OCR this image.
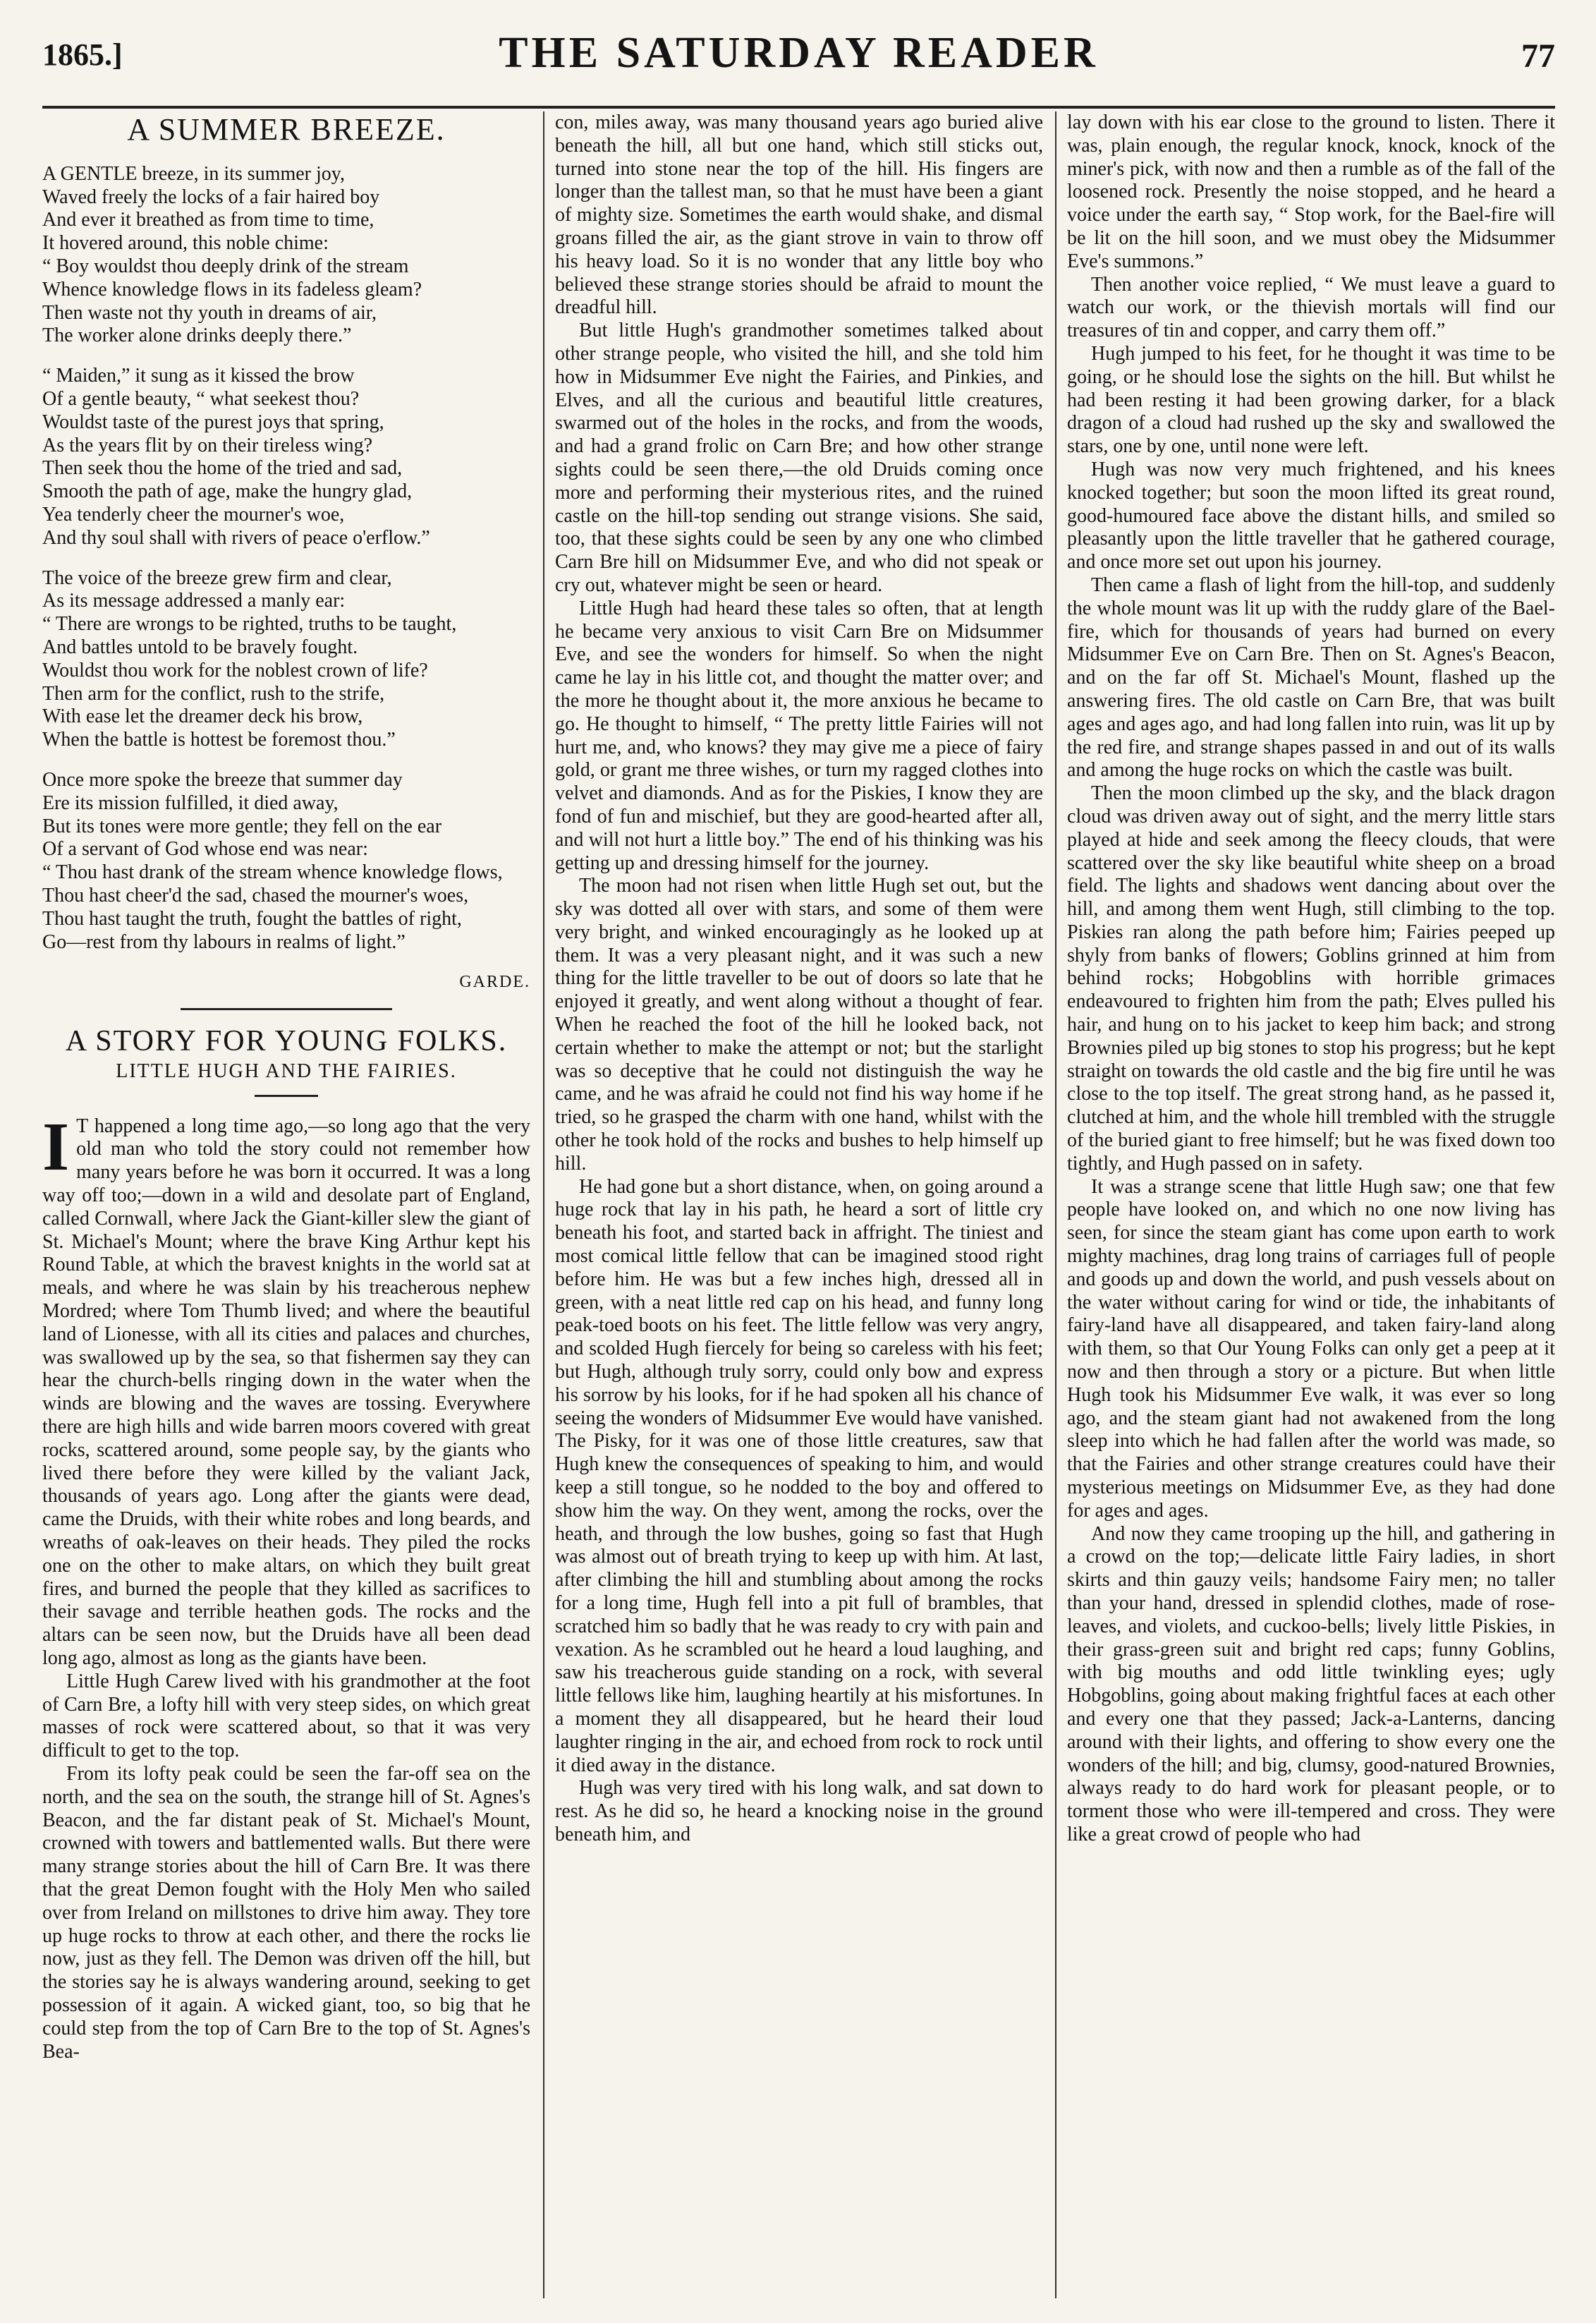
1865.]	THE SATURDAY READER	77
A SUMMER BREEZE.
A GENTLE breeze, in its summer joy,
Waved freely the locks of a fair haired boy
And ever it breathed as from time to time,
It hovered around, this noble chime:
“ Boy wouldst thou deeply drink of the stream
Whence knowledge flows in its fadeless gleam?
Then waste not thy youth in dreams of air,
The worker alone drinks deeply there.”
“ Maiden,” it sung as it kissed the brow
Of a gentle beauty, “ what seekest thou?
Wouldst taste of the purest joys that spring,
As the years flit by on their tireless wing?
Then seek thou the home of the tried and sad,
Smooth the path of age, make the hungry glad,
Yea tenderly cheer the mourner's woe,
And thy soul shall with rivers of peace o'erflow.”
The voice of the breeze grew firm and clear,
As its message addressed a manly ear:
“ There are wrongs to be righted, truths to be taught,
And battles untold to be bravely fought.
Wouldst thou work for the noblest crown of life?
Then arm for the conflict, rush to the strife,
With ease let the dreamer deck his brow,
When the battle is hottest be foremost thou.”
Once more spoke the breeze that summer day
Ere its mission fulfilled, it died away,
But its tones were more gentle; they fell on the ear
Of a servant of God whose end was near:
“ Thou hast drank of the stream whence knowledge flows,
Thou hast cheer'd the sad, chased the mourner's woes,
Thou hast taught the truth, fought the battles of right,
Go—rest from thy labours in realms of light.”
GARDE.
A STORY FOR YOUNG FOLKS.
LITTLE HUGH AND THE FAIRIES.

I T happened a long time ago,—so long ago that the very old man who told the story could not remember how many years before he was born it occurred. It was a long way off too;—down in a wild and desolate part of England, called Cornwall, where Jack the Giant-killer slew the giant of St. Michael's Mount; where the brave King Arthur kept his Round Table, at which the bravest knights in the world sat at meals, and where he was slain by his treacherous nephew Mordred; where Tom Thumb lived; and where the beautiful land of Lionesse, with all its cities and palaces and churches, was swallowed up by the sea, so that fishermen say they can hear the church-bells ringing down in the water when the winds are blowing and the waves are tossing. Everywhere there are high hills and wide barren moors covered with great rocks, scattered around, some people say, by the giants who lived there before they were killed by the valiant Jack, thousands of years ago. Long after the giants were dead, came the Druids, with their white robes and long beards, and wreaths of oak-leaves on their heads. They piled the rocks one on the other to make altars, on which they built great fires, and burned the people that they killed as sacrifices to their savage and terrible heathen gods. The rocks and the altars can be seen now, but the Druids have all been dead long ago, almost as long as the giants have been.

Little Hugh Carew lived with his grandmother at the foot of Carn Bre, a lofty hill with very steep sides, on which great masses of rock were scattered about, so that it was very difficult to get to the top.

From its lofty peak could be seen the far-off sea on the north, and the sea on the south, the strange hill of St. Agnes's Beacon, and the far distant peak of St. Michael's Mount, crowned with towers and battlemented walls. But there were many strange stories about the hill of Carn Bre. It was there that the great Demon fought with the Holy Men who sailed over from Ireland on millstones to drive him away. They tore up huge rocks to throw at each other, and there the rocks lie now, just as they fell. The Demon was driven off the hill, but the stories say he is always wandering around, seeking to get possession of it again. A wicked giant, too, so big that he could step from the top of Carn Bre to the top of St. Agnes's Bea-

con, miles away, was many thousand years ago buried alive beneath the hill, all but one hand, which still sticks out, turned into stone near the top of the hill. His fingers are longer than the tallest man, so that he must have been a giant of mighty size. Sometimes the earth would shake, and dismal groans filled the air, as the giant strove in vain to throw off his heavy load. So it is no wonder that any little boy who believed these strange stories should be afraid to mount the dreadful hill.

But little Hugh's grandmother sometimes talked about other strange people, who visited the hill, and she told him how in Midsummer Eve night the Fairies, and Pinkies, and Elves, and all the curious and beautiful little creatures, swarmed out of the holes in the rocks, and from the woods, and had a grand frolic on Carn Bre; and how other strange sights could be seen there,—the old Druids coming once more and performing their mysterious rites, and the ruined castle on the hill-top sending out strange visions. She said, too, that these sights could be seen by any one who climbed Carn Bre hill on Midsummer Eve, and who did not speak or cry out, whatever might be seen or heard.

Little Hugh had heard these tales so often, that at length he became very anxious to visit Carn Bre on Midsummer Eve, and see the wonders for himself. So when the night came he lay in his little cot, and thought the matter over; and the more he thought about it, the more anxious he became to go. He thought to himself, “ The pretty little Fairies will not hurt me, and, who knows? they may give me a piece of fairy gold, or grant me three wishes, or turn my ragged clothes into velvet and diamonds. And as for the Piskies, I know they are fond of fun and mischief, but they are good-hearted after all, and will not hurt a little boy.” The end of his thinking was his getting up and dressing himself for the journey.

The moon had not risen when little Hugh set out, but the sky was dotted all over with stars, and some of them were very bright, and winked encouragingly as he looked up at them. It was a very pleasant night, and it was such a new thing for the little traveller to be out of doors so late that he enjoyed it greatly, and went along without a thought of fear. When he reached the foot of the hill he looked back, not certain whether to make the attempt or not; but the starlight was so deceptive that he could not distinguish the way he came, and he was afraid he could not find his way home if he tried, so he grasped the charm with one hand, whilst with the other he took hold of the rocks and bushes to help himself up hill.

He had gone but a short distance, when, on going around a huge rock that lay in his path, he heard a sort of little cry beneath his foot, and started back in affright. The tiniest and most comical little fellow that can be imagined stood right before him. He was but a few inches high, dressed all in green, with a neat little red cap on his head, and funny long peak-toed boots on his feet. The little fellow was very angry, and scolded Hugh fiercely for being so careless with his feet; but Hugh, although truly sorry, could only bow and express his sorrow by his looks, for if he had spoken all his chance of seeing the wonders of Midsummer Eve would have vanished. The Pisky, for it was one of those little creatures, saw that Hugh knew the consequences of speaking to him, and would keep a still tongue, so he nodded to the boy and offered to show him the way. On they went, among the rocks, over the heath, and through the low bushes, going so fast that Hugh was almost out of breath trying to keep up with him. At last, after climbing the hill and stumbling about among the rocks for a long time, Hugh fell into a pit full of brambles, that scratched him so badly that he was ready to cry with pain and vexation. As he scrambled out he heard a loud laughing, and saw his treacherous guide standing on a rock, with several little fellows like him, laughing heartily at his misfortunes. In a moment they all disappeared, but he heard their loud laughter ringing in the air, and echoed from rock to rock until it died away in the distance.

Hugh was very tired with his long walk, and sat down to rest. As he did so, he heard a knocking noise in the ground beneath him, and

lay down with his ear close to the ground to listen. There it was, plain enough, the regular knock, knock, knock of the miner's pick, with now and then a rumble as of the fall of the loosened rock. Presently the noise stopped, and he heard a voice under the earth say, “ Stop work, for the Bael-fire will be lit on the hill soon, and we must obey the Midsummer Eve's summons.”

Then another voice replied, “ We must leave a guard to watch our work, or the thievish mortals will find our treasures of tin and copper, and carry them off.”

Hugh jumped to his feet, for he thought it was time to be going, or he should lose the sights on the hill. But whilst he had been resting it had been growing darker, for a black dragon of a cloud had rushed up the sky and swallowed the stars, one by one, until none were left.

Hugh was now very much frightened, and his knees knocked together; but soon the moon lifted its great round, good-humoured face above the distant hills, and smiled so pleasantly upon the little traveller that he gathered courage, and once more set out upon his journey.

Then came a flash of light from the hill-top, and suddenly the whole mount was lit up with the ruddy glare of the Bael-fire, which for thousands of years had burned on every Midsummer Eve on Carn Bre. Then on St. Agnes's Beacon, and on the far off St. Michael's Mount, flashed up the answering fires. The old castle on Carn Bre, that was built ages and ages ago, and had long fallen into ruin, was lit up by the red fire, and strange shapes passed in and out of its walls and among the huge rocks on which the castle was built.

Then the moon climbed up the sky, and the black dragon cloud was driven away out of sight, and the merry little stars played at hide and seek among the fleecy clouds, that were scattered over the sky like beautiful white sheep on a broad field. The lights and shadows went dancing about over the hill, and among them went Hugh, still climbing to the top. Piskies ran along the path before him; Fairies peeped up shyly from banks of flowers; Goblins grinned at him from behind rocks; Hobgoblins with horrible grimaces endeavoured to frighten him from the path; Elves pulled his hair, and hung on to his jacket to keep him back; and strong Brownies piled up big stones to stop his progress; but he kept straight on towards the old castle and the big fire until he was close to the top itself. The great strong hand, as he passed it, clutched at him, and the whole hill trembled with the struggle of the buried giant to free himself; but he was fixed down too tightly, and Hugh passed on in safety.

It was a strange scene that little Hugh saw; one that few people have looked on, and which no one now living has seen, for since the steam giant has come upon earth to work mighty machines, drag long trains of carriages full of people and goods up and down the world, and push vessels about on the water without caring for wind or tide, the inhabitants of fairy-land have all disappeared, and taken fairy-land along with them, so that Our Young Folks can only get a peep at it now and then through a story or a picture. But when little Hugh took his Midsummer Eve walk, it was ever so long ago, and the steam giant had not awakened from the long sleep into which he had fallen after the world was made, so that the Fairies and other strange creatures could have their mysterious meetings on Midsummer Eve, as they had done for ages and ages.

And now they came trooping up the hill, and gathering in a crowd on the top;—delicate little Fairy ladies, in short skirts and thin gauzy veils; handsome Fairy men; no taller than your hand, dressed in splendid clothes, made of rose-leaves, and violets, and cuckoo-bells; lively little Piskies, in their grass-green suit and bright red caps; funny Goblins, with big mouths and odd little twinkling eyes; ugly Hobgoblins, going about making frightful faces at each other and every one that they passed; Jack-a-Lanterns, dancing around with their lights, and offering to show every one the wonders of the hill; and big, clumsy, good-natured Brownies, always ready to do hard work for pleasant people, or to torment those who were ill-tempered and cross. They were like a great crowd of people who had
